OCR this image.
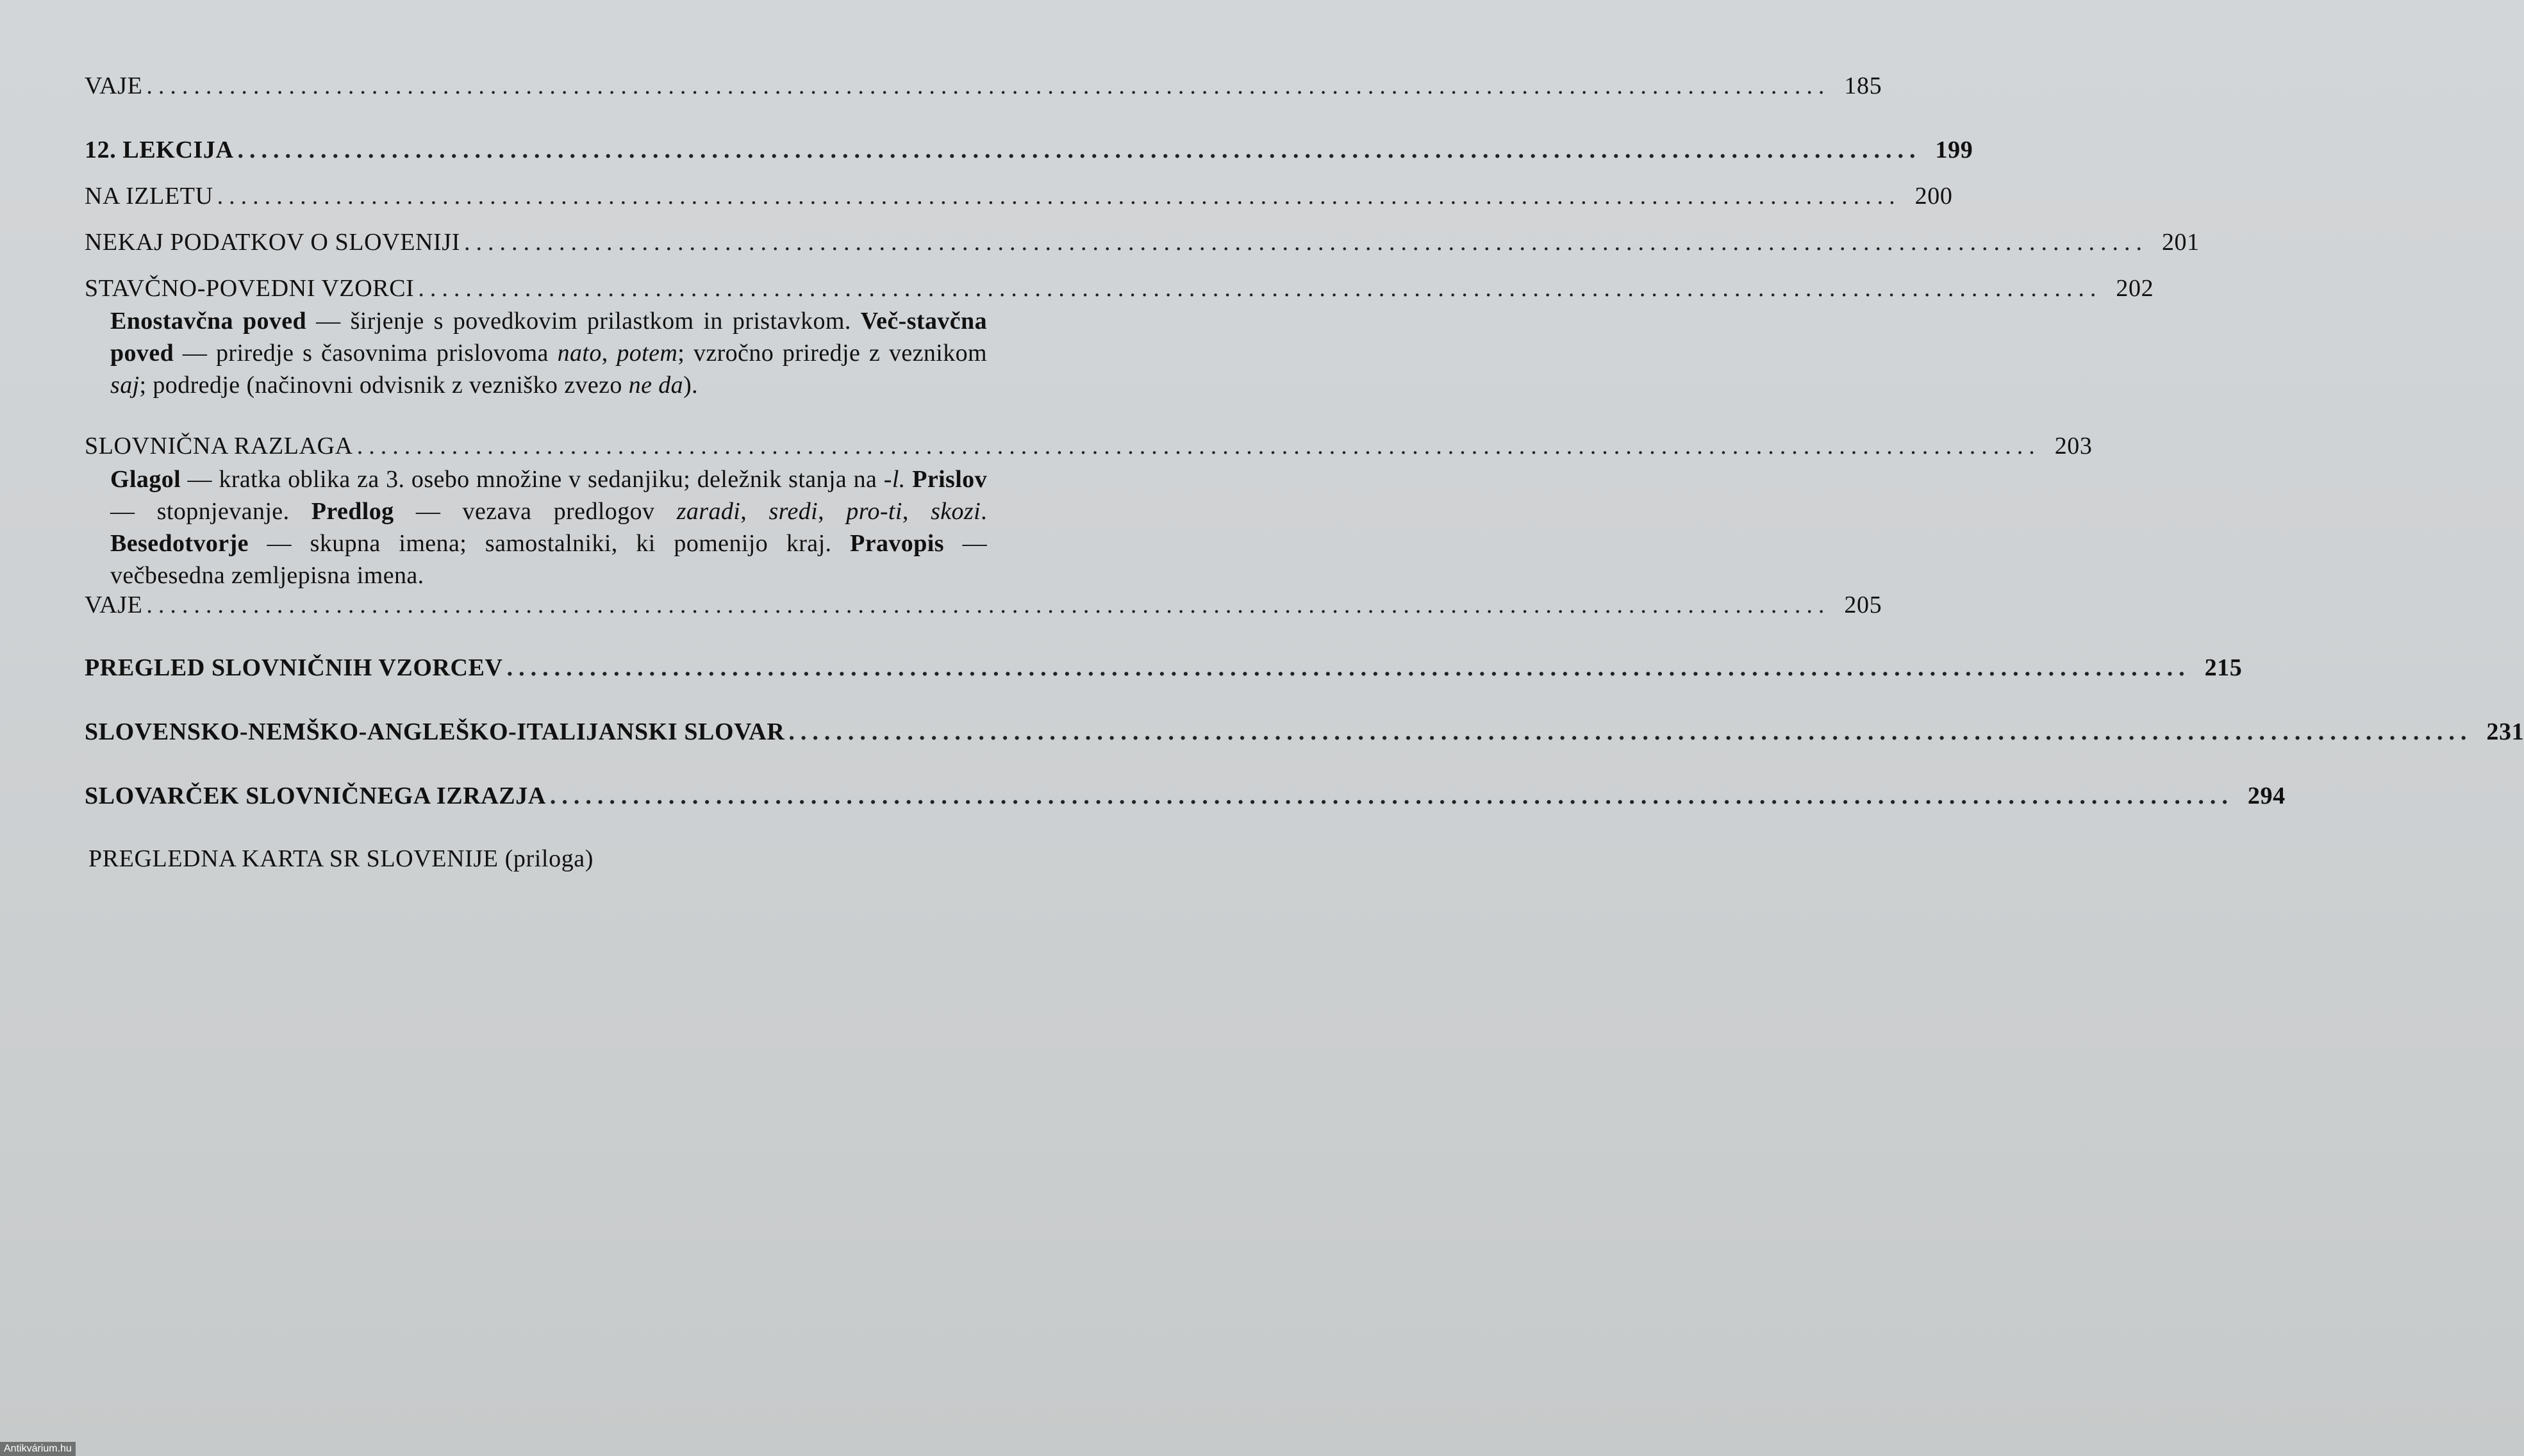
VAJE .............................................................................................................................................. 185
12. LEKCIJA .............................................................................................................................................. 199
NA IZLETU .............................................................................................................................................. 200
NEKAJ PODATKOV O SLOVENIJI .............................................................................................................................................. 201
STAVČNO-POVEDNI VZORCI .............................................................................................................................................. 202
Enostavčna poved — širjenje s povedkovim prilastkom in pristavkom. Več-stavčna poved — priredje s časovnima prislovoma nato, potem; vzročno priredje z veznikom saj; podredje (načinovni odvisnik z vezniško zvezo ne da).
SLOVNIČNA RAZLAGA .............................................................................................................................................. 203
Glagol — kratka oblika za 3. osebo množine v sedanjiku; deležnik stanja na -l. Prislov — stopnjevanje. Predlog — vezava predlogov zaradi, sredi, pro-ti, skozi. Besedotvorje — skupna imena; samostalniki, ki pomenijo kraj. Pravopis — večbesedna zemljepisna imena.
VAJE .............................................................................................................................................. 205
PREGLED SLOVNIČNIH VZORCEV .............................................................................................................................................. 215
SLOVENSKO-NEMŠKO-ANGLEŠKO-ITALIJANSKI SLOVAR .............................................................................................................................................. 231
SLOVARČEK SLOVNIČNEGA IZRAZJA .............................................................................................................................................. 294
PREGLEDNA KARTA SR SLOVENIJE (priloga)
Antikvárium.hu
